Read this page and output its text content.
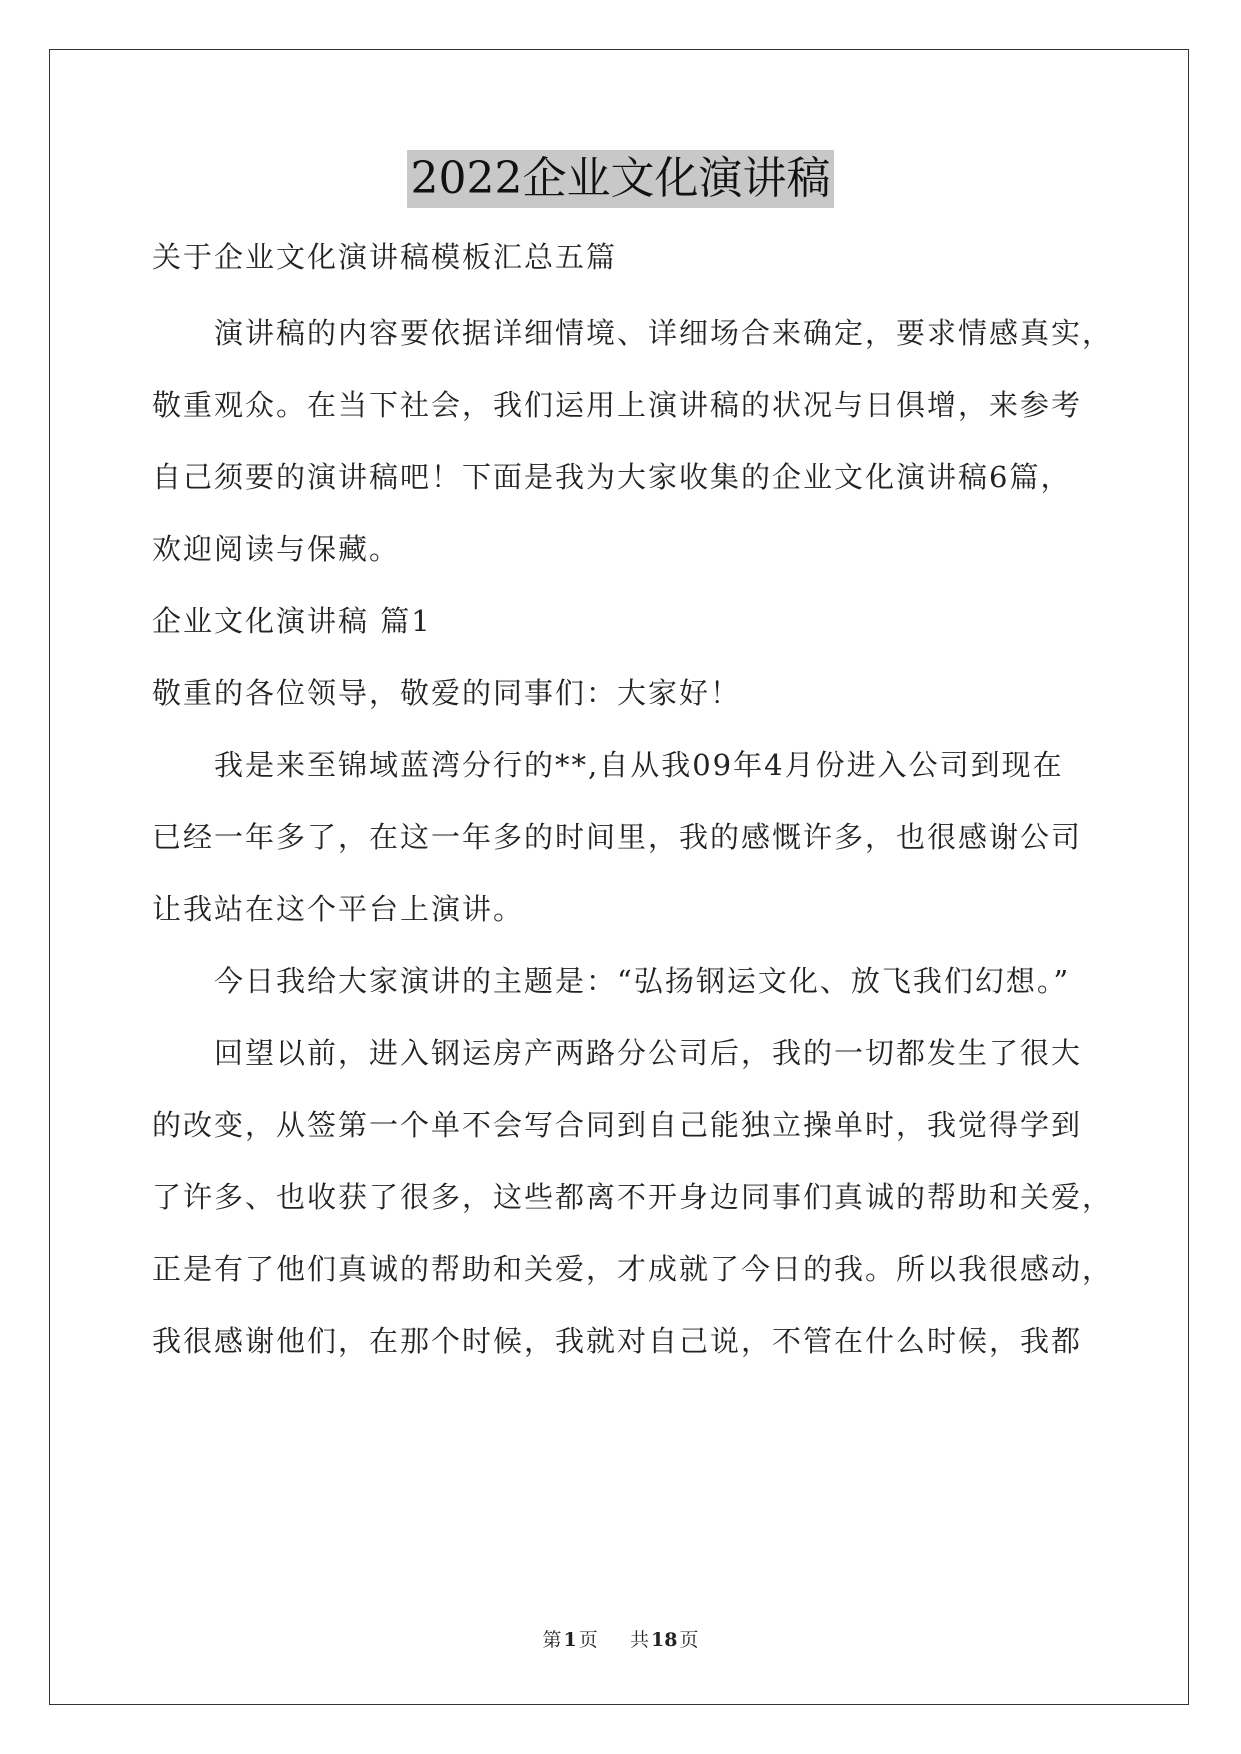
2022企业文化演讲稿
关于企业文化演讲稿模板汇总五篇
演讲稿的内容要依据详细情境、详细场合来确定，要求情感真实，
敬重观众。在当下社会，我们运用上演讲稿的状况与日俱增，来参考
自己须要的演讲稿吧！下面是我为大家收集的企业文化演讲稿6篇，
欢迎阅读与保藏。
企业文化演讲稿 篇1
敬重的各位领导，敬爱的同事们：大家好！
我是来至锦域蓝湾分行的**,自从我09年4月份进入公司到现在
已经一年多了，在这一年多的时间里，我的感慨许多，也很感谢公司
让我站在这个平台上演讲。
今日我给大家演讲的主题是：“弘扬钢运文化、放飞我们幻想。”
回望以前，进入钢运房产两路分公司后，我的一切都发生了很大
的改变，从签第一个单不会写合同到自己能独立操单时，我觉得学到
了许多、也收获了很多，这些都离不开身边同事们真诚的帮助和关爱，
正是有了他们真诚的帮助和关爱，才成就了今日的我。所以我很感动，
我很感谢他们，在那个时候，我就对自己说，不管在什么时候，我都
第 1 页 共 18 页
